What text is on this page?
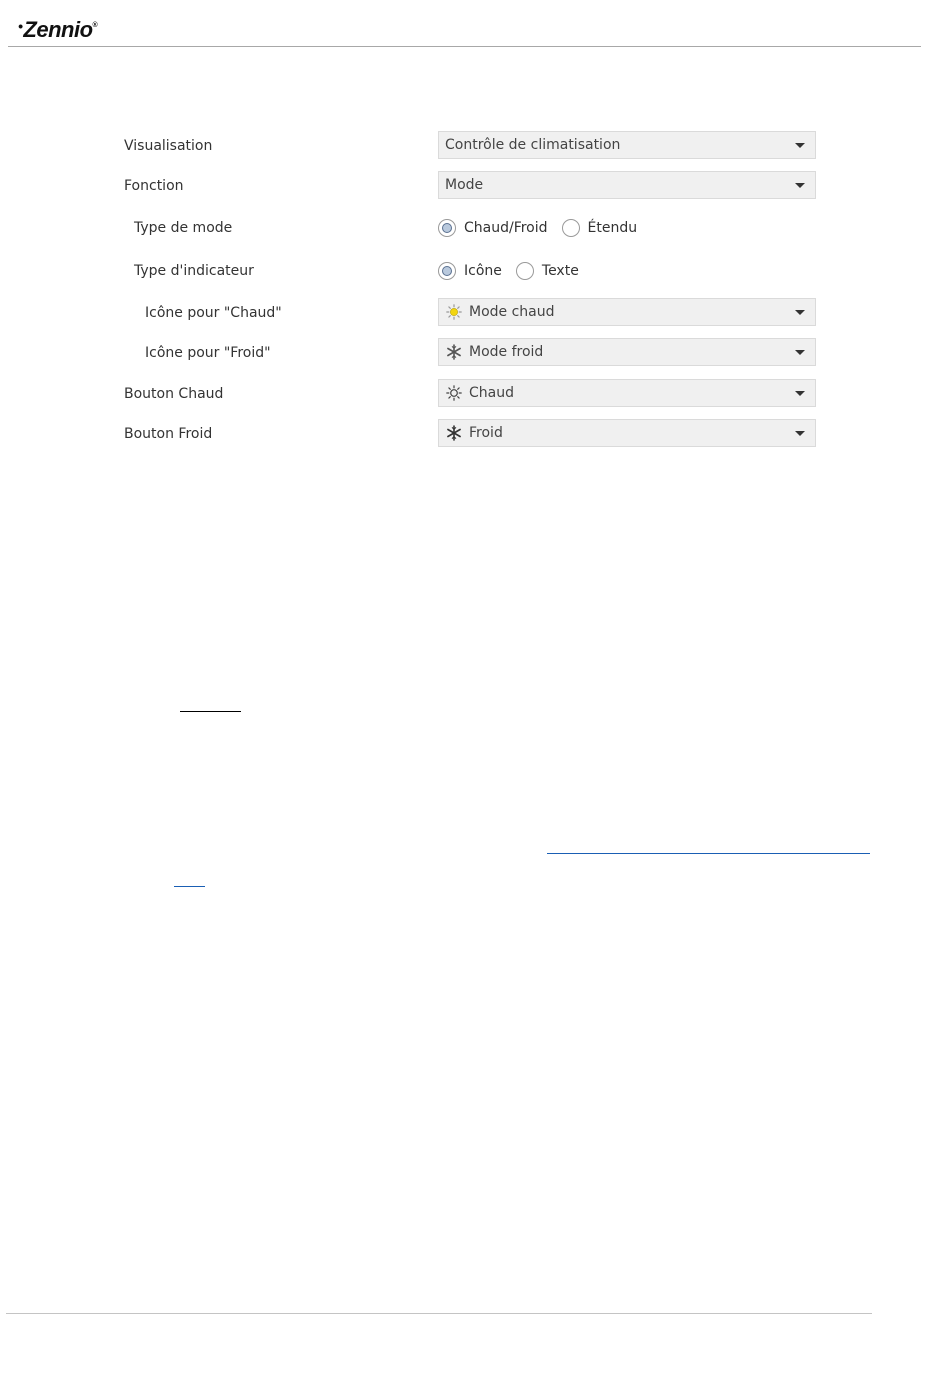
•Zennio®
Visualisation	Contrôle de climatisation
Fonction	Mode
Type de mode	Chaud/Froid	Étendu
Type d'indicateur	Icône	Texte
Icône pour "Chaud"	Mode chaud
Icône pour "Froid"	Mode froid
Bouton Chaud	Chaud
Bouton Froid	Froid
